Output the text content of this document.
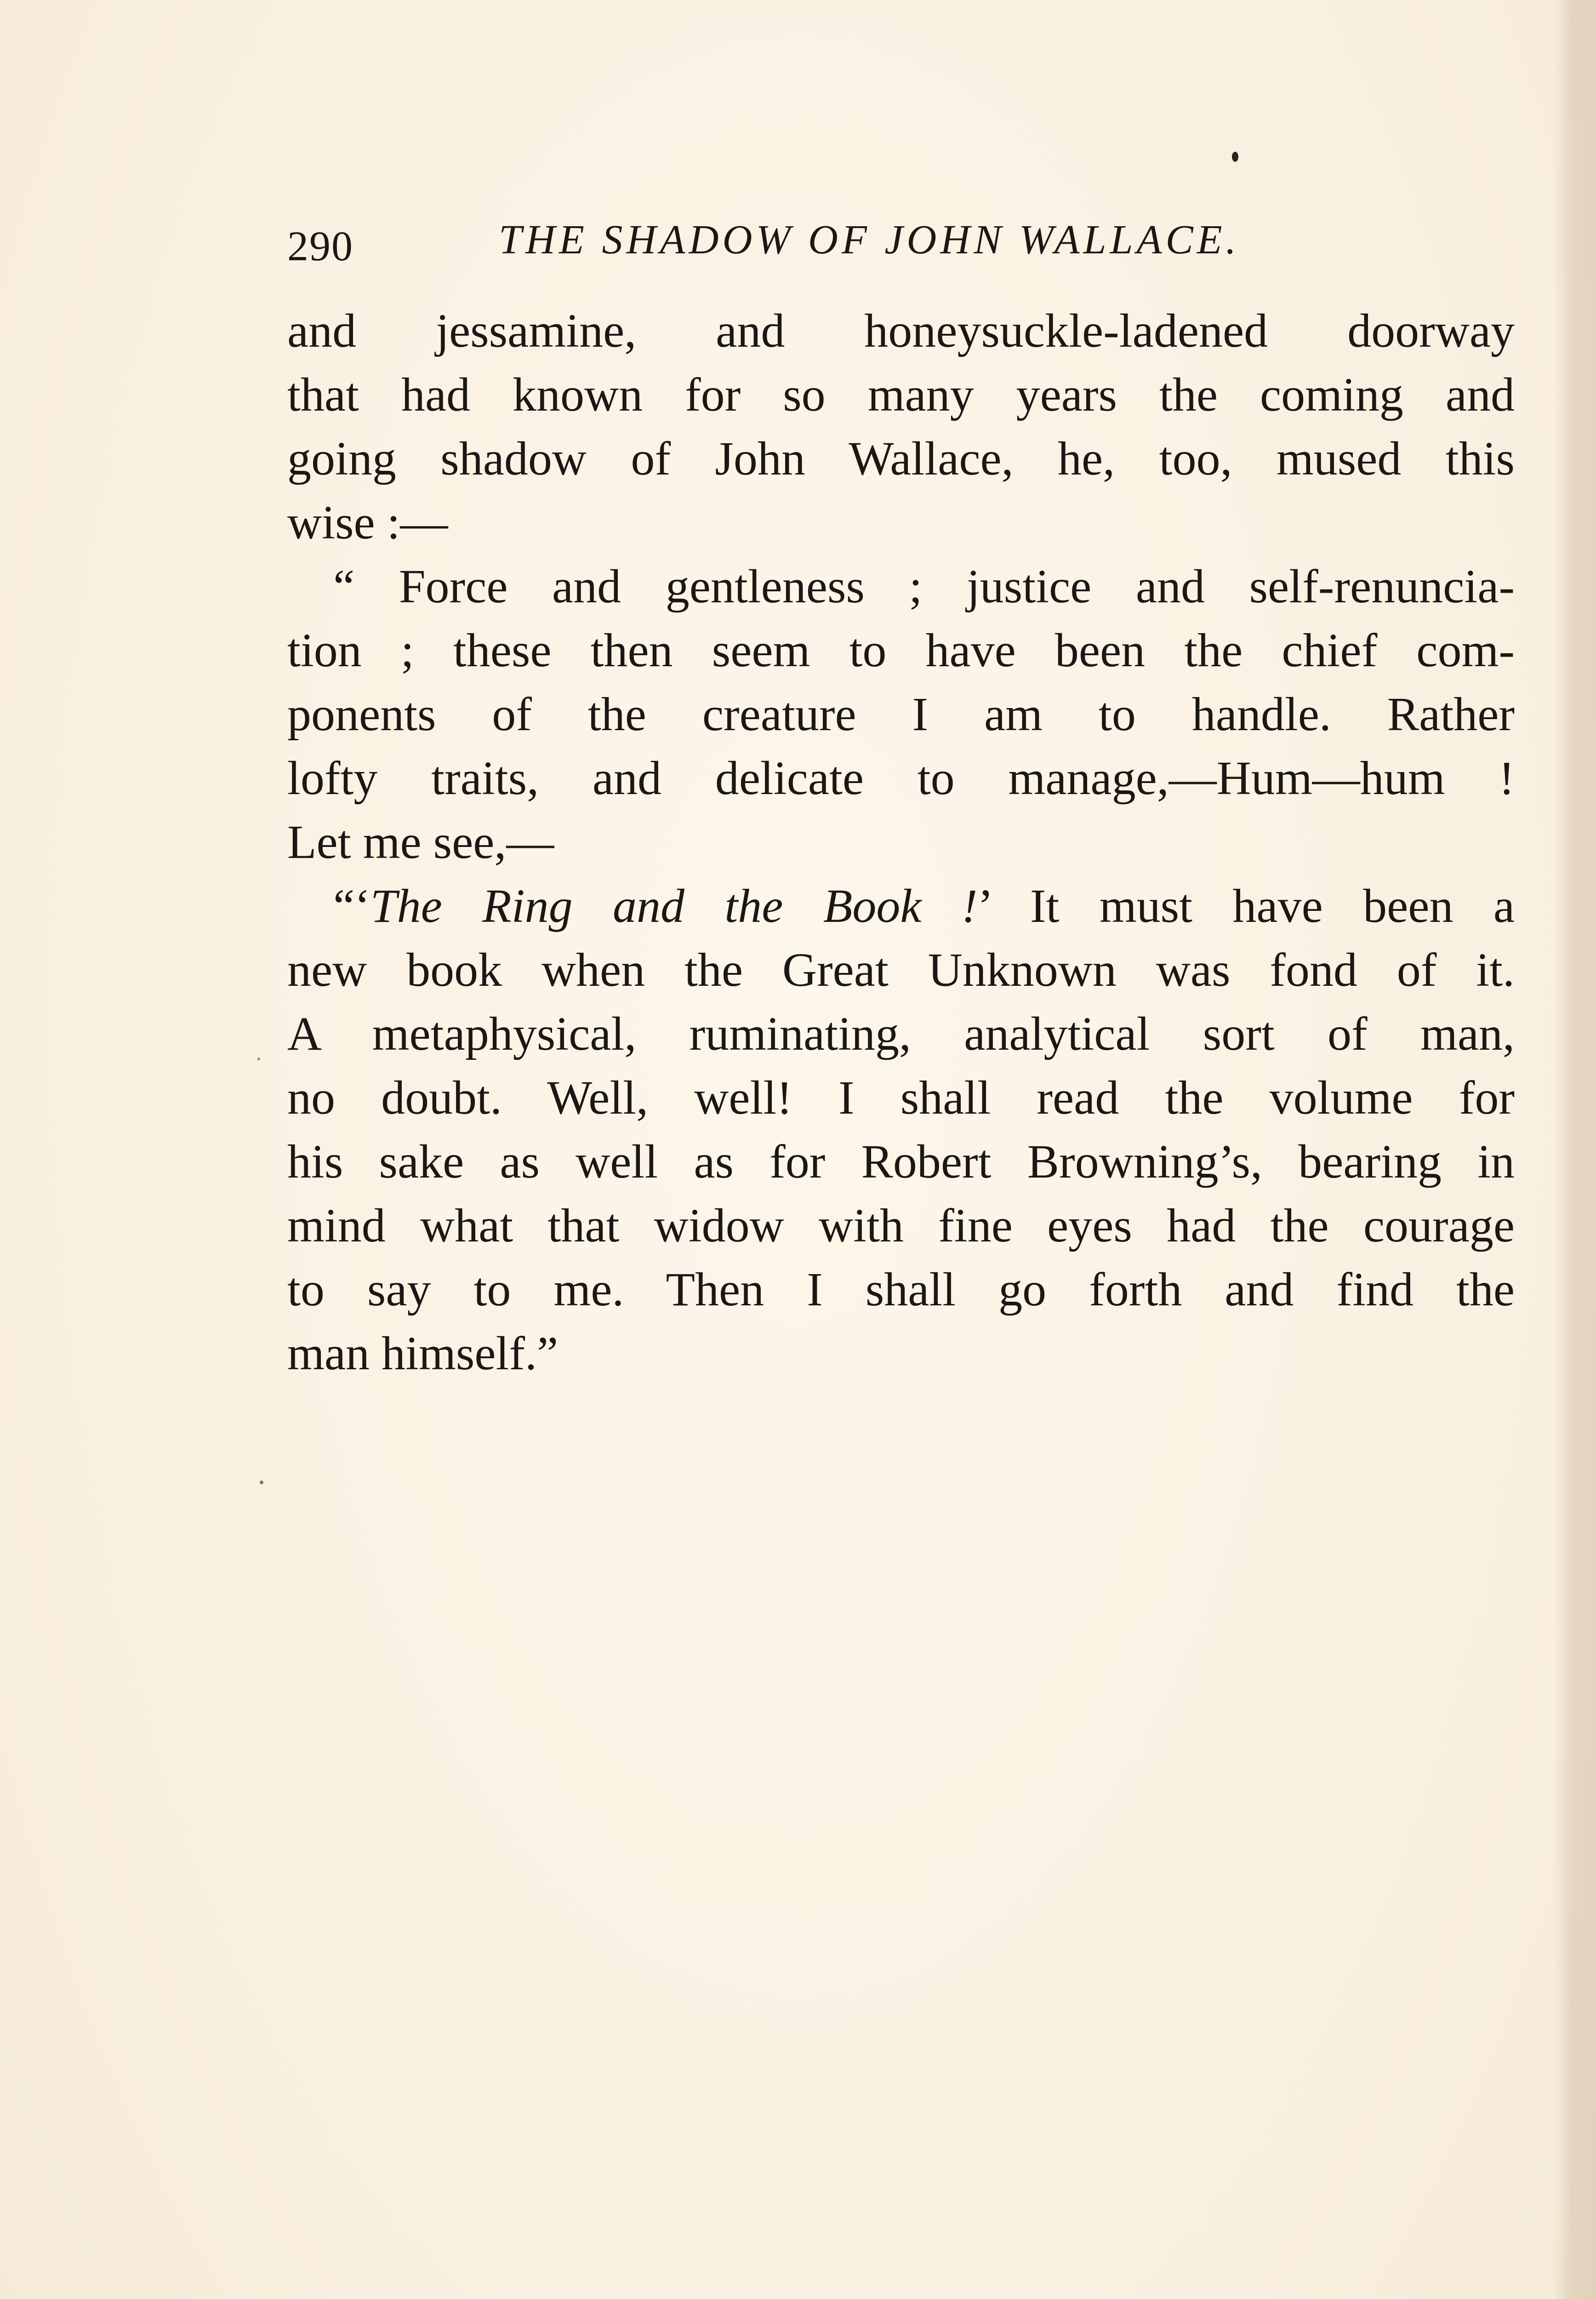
290	THE SHADOW OF JOHN WALLACE.
and jessamine, and honeysuckle-ladened doorway
that had known for so many years the coming and
going shadow of John Wallace, he, too, mused this
wise :—
“ Force and gentleness ; justice and self-renuncia-
tion ; these then seem to have been the chief com-
ponents of the creature I am to handle. Rather
lofty traits, and delicate to manage,—Hum—hum !
Let me see,—
“‘The Ring and the Book !’ It must have been a
new book when the Great Unknown was fond of it.
A metaphysical, ruminating, analytical sort of man,
no doubt. Well, well! I shall read the volume for
his sake as well as for Robert Browning’s, bearing in
mind what that widow with fine eyes had the courage
to say to me. Then I shall go forth and find the
man himself.”
